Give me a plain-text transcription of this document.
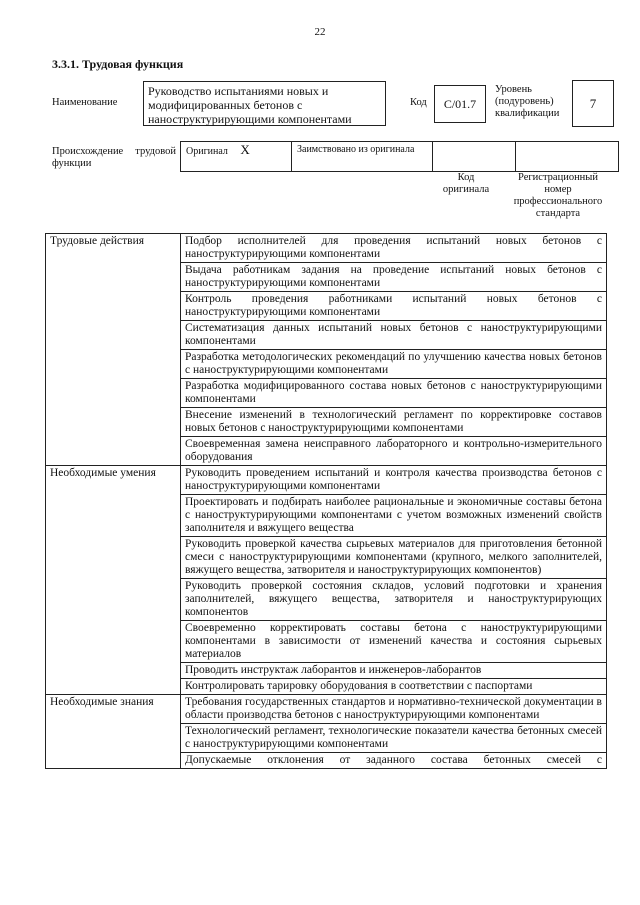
22
3.3.1. Трудовая функция
Наименование
Руководство испытаниями новых и модифицированных бетонов с наноструктурирующими компонентами
Код	С/01.7
Уровень (подуровень) квалификации
7
Происхождение трудовой функции
Оригинал X	Заимствовано из оригинала		
Код оригинала
Регистрационный номер профессионального стандарта
Трудовые действия	Подбор исполнителей для проведения испытаний новых бетонов с наноструктурирующими компонентами
	Выдача работникам задания на проведение испытаний новых бетонов с наноструктурирующими компонентами
	Контроль проведения работниками испытаний новых бетонов с наноструктурирующими компонентами
	Систематизация данных испытаний новых бетонов с наноструктурирующими компонентами
	Разработка методологических рекомендаций по улучшению качества новых бетонов с наноструктурирующими компонентами
	Разработка модифицированного состава новых бетонов с наноструктурирующими компонентами
	Внесение изменений в технологический регламент по корректировке составов новых бетонов с наноструктурирующими компонентами
	Своевременная замена неисправного лабораторного и контрольно-измерительного оборудования
Необходимые умения	Руководить проведением испытаний и контроля качества производства бетонов с наноструктурирующими компонентами
	Проектировать и подбирать наиболее рациональные и экономичные составы бетона с наноструктурирующими компонентами с учетом возможных изменений свойств заполнителя и вяжущего вещества
	Руководить проверкой качества сырьевых материалов для приготовления бетонной смеси с наноструктурирующими компонентами (крупного, мелкого заполнителей, вяжущего вещества, затворителя и наноструктурирующих компонентов)
	Руководить проверкой состояния складов, условий подготовки и хранения заполнителей, вяжущего вещества, затворителя и наноструктурирующих компонентов
	Своевременно корректировать составы бетона с наноструктурирующими компонентами в зависимости от изменений качества и состояния сырьевых материалов
	Проводить инструктаж лаборантов и инженеров-лаборантов
	Контролировать тарировку оборудования в соответствии с паспортами
Необходимые знания	Требования государственных стандартов и нормативно-технической документации в области производства бетонов с наноструктурирующими компонентами
	Технологический регламент, технологические показатели качества бетонных смесей с наноструктурирующими компонентами
	Допускаемые отклонения от заданного состава бетонных смесей с
